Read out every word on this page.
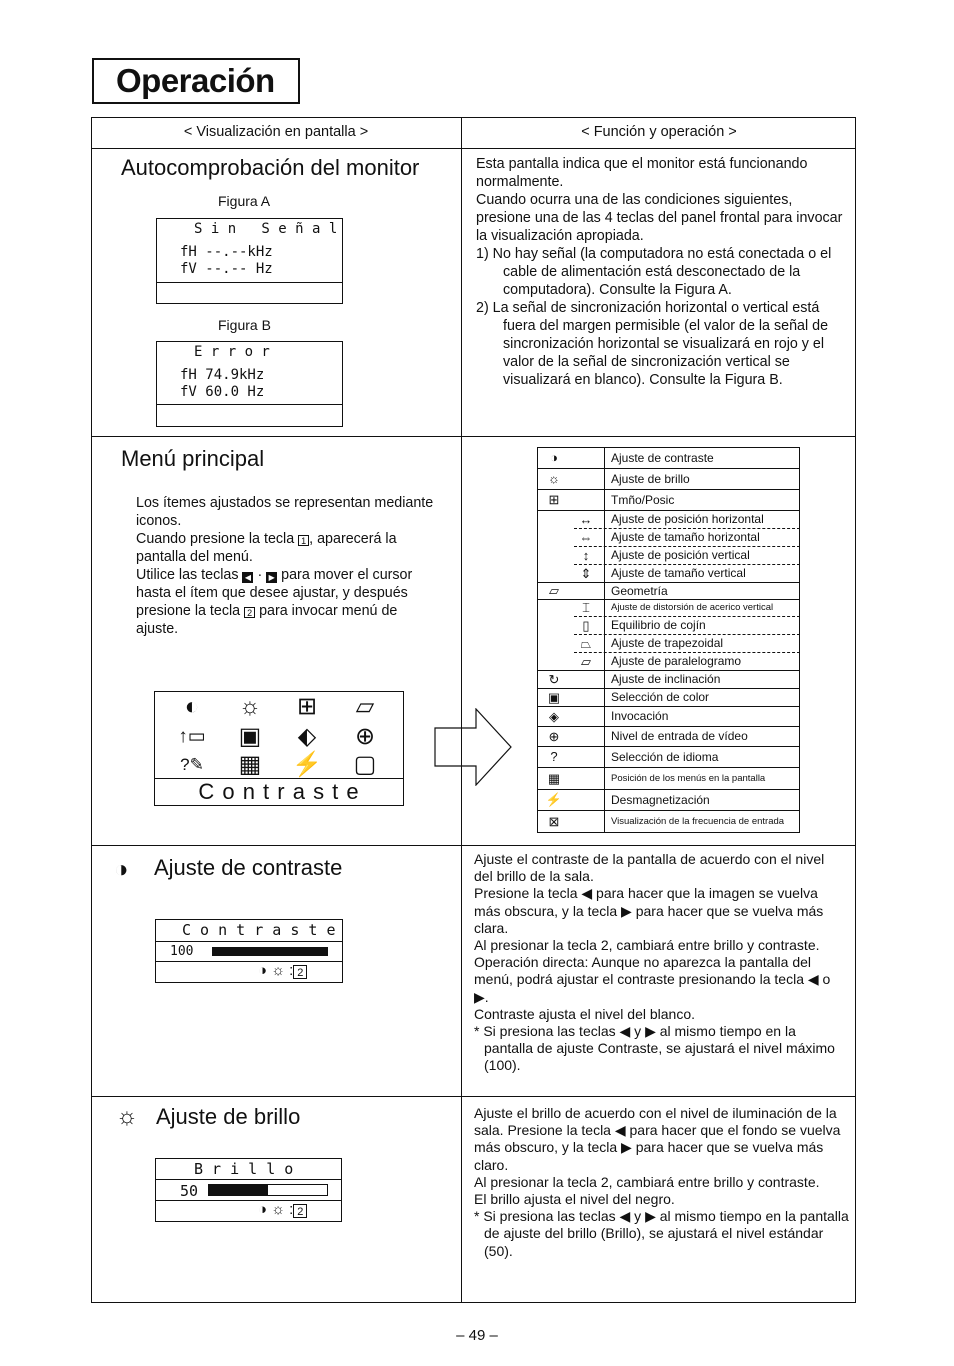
Operación
< Visualización en pantalla >	< Función y operación >
Autocomprobación del monitor
Figura A
S i n   S e ñ a l
fH --.--kHz
fV --.-- Hz
Figura B
E r r o r
fH 74.9kHz
fV 60.0 Hz

Esta pantalla indica que el monitor está funcionando normalmente.

Cuando ocurra una de las condiciones siguientes, presione una de las 4 teclas del panel frontal para invocar la visualización apropiada.

1) No hay señal (la computadora no está conectada o el cable de alimentación está desconectado de la computadora). Consulte la Figura A.

2) La señal de sincronización horizontal o vertical está fuera del margen permisible (el valor de la señal de sincronización horizontal se visualizará en rojo y el valor de la señal de sincronización vertical se visualizará en blanco). Consulte la Figura B.

Menú principal

Los ítemes ajustados se representan mediante iconos.

Cuando presione la tecla 1 , aparecerá la pantalla del menú.

Utilice las teclas ◀ · ▶ para mover el cursor hasta el ítem que desee ajustar, y después presione la tecla 2 para invocar menú de ajuste.

◐	☼ ⊞	▱
↑▭ ▣	⬖	⊕
?✎ ▦ ⚡ ▢
C o n t r a s t e
◑	Ajuste de contraste
☼	Ajuste de brillo
⊞	Tmño/Posic
↔	Ajuste de posición horizontal
⇔	Ajuste de tamaño horizontal
↕	Ajuste de posición vertical
⇕	Ajuste de tamaño vertical
▱	Geometría
⌶	Ajuste de distorsión de acerico vertical
▯	Equilibrio de cojín
⏢	Ajuste de trapezoidal
▱	Ajuste de paralelogramo
↻	Ajuste de inclinación
▣	Selección de color
◈	Invocación
⊕	Nivel de entrada de vídeo
?	Selección de idioma
▦	Posición de los menús en la pantalla
⚡	Desmagnetización
⊠	Visualización de la frecuencia de entrada
◑ Ajuste de contraste
C o n t r a s t e
100
◑ ☼ : 2

Ajuste el contraste de la pantalla de acuerdo con el nivel del brillo de la sala.

Presione la tecla ◀ para hacer que la imagen se vuelva más obscura, y la tecla ▶ para hacer que se vuelva más clara.

Al presionar la tecla 2, cambiará entre brillo y contraste.

Operación directa: Aunque no aparezca la pantalla del menú, podrá ajustar el contraste presionando la tecla ◀ o ▶.

Contraste ajusta el nivel del blanco.

* Si presiona las teclas ◀ y ▶ al mismo tiempo en la pantalla de ajuste Contraste, se ajustará el nivel máximo (100).

☼ Ajuste de brillo
B r i l l o
50
◑ ☼ : 2

Ajuste el brillo de acuerdo con el nivel de iluminación de la sala. Presione la tecla ◀ para hacer que el fondo se vuelva más obscuro, y la tecla ▶ para hacer que se vuelva más claro.

Al presionar la tecla 2, cambiará entre brillo y contraste.

El brillo ajusta el nivel del negro.

* Si presiona las teclas ◀ y ▶ al mismo tiempo en la pantalla de ajuste del brillo (Brillo), se ajustará el nivel estándar (50).

– 49 –
